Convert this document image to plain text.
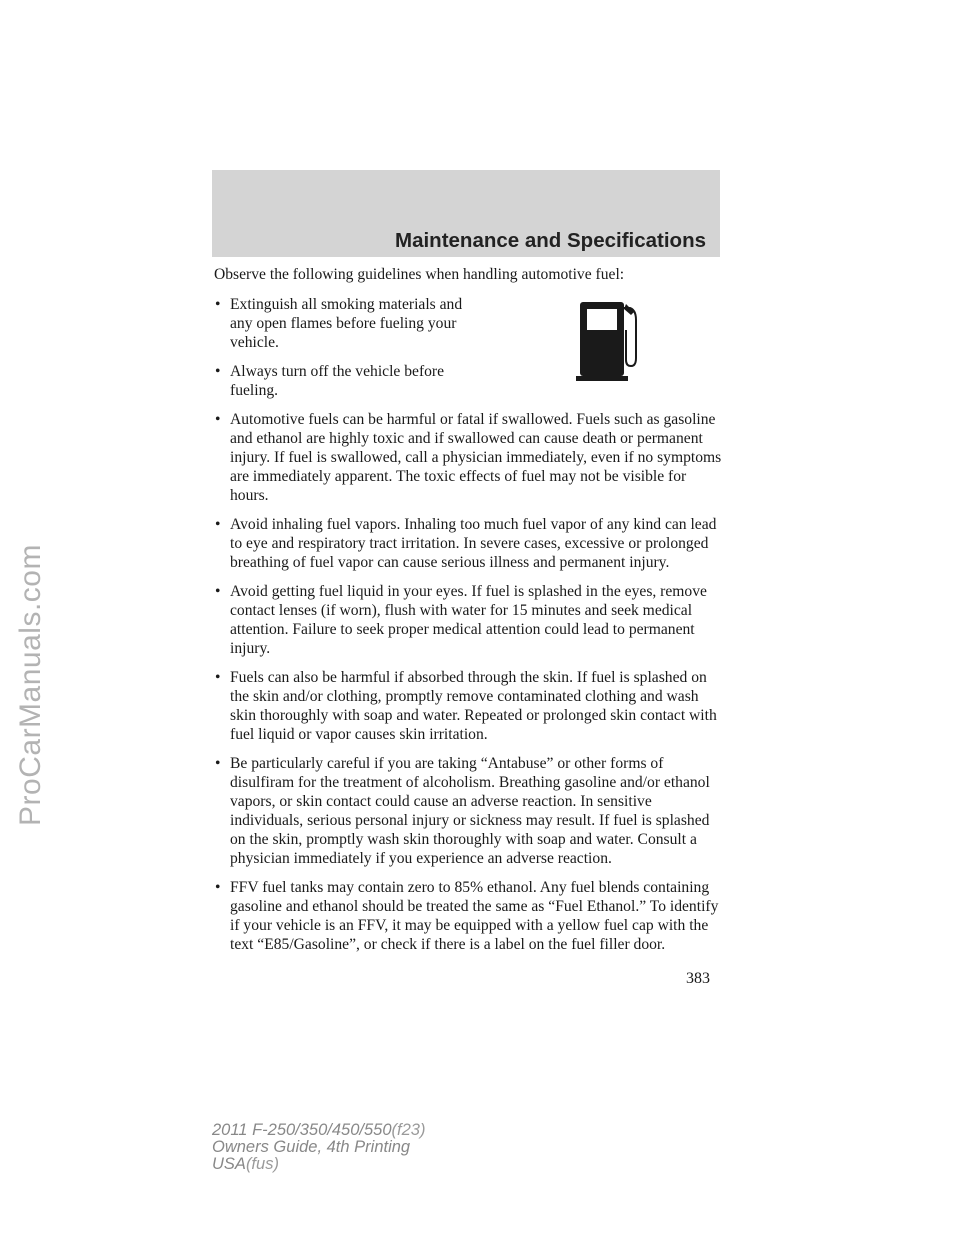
ProCarManuals.com
Maintenance and Specifications

Observe the following guidelines when handling automotive fuel:

• Extinguish all smoking materials and any open flames before fueling your vehicle.
• Always turn off the vehicle before fueling.
• Automotive fuels can be harmful or fatal if swallowed. Fuels such as gasoline and ethanol are highly toxic and if swallowed can cause death or permanent injury. If fuel is swallowed, call a physician immediately, even if no symptoms are immediately apparent. The toxic effects of fuel may not be visible for hours.
• Avoid inhaling fuel vapors. Inhaling too much fuel vapor of any kind can lead to eye and respiratory tract irritation. In severe cases, excessive or prolonged breathing of fuel vapor can cause serious illness and permanent injury.
• Avoid getting fuel liquid in your eyes. If fuel is splashed in the eyes, remove contact lenses (if worn), flush with water for 15 minutes and seek medical attention. Failure to seek proper medical attention could lead to permanent injury.
• Fuels can also be harmful if absorbed through the skin. If fuel is splashed on the skin and/or clothing, promptly remove contaminated clothing and wash skin thoroughly with soap and water. Repeated or prolonged skin contact with fuel liquid or vapor causes skin irritation.
• Be particularly careful if you are taking “Antabuse” or other forms of disulfiram for the treatment of alcoholism. Breathing gasoline and/or ethanol vapors, or skin contact could cause an adverse reaction. In sensitive individuals, serious personal injury or sickness may result. If fuel is splashed on the skin, promptly wash skin thoroughly with soap and water. Consult a physician immediately if you experience an adverse reaction.
• FFV fuel tanks may contain zero to 85% ethanol. Any fuel blends containing gasoline and ethanol should be treated the same as “Fuel Ethanol.” To identify if your vehicle is an FFV, it may be equipped with a yellow fuel cap with the text “E85/Gasoline”, or check if there is a label on the fuel filler door.
383
2011 F-250/350/450/550(f23)
Owners Guide, 4th Printing
USA(fus)
